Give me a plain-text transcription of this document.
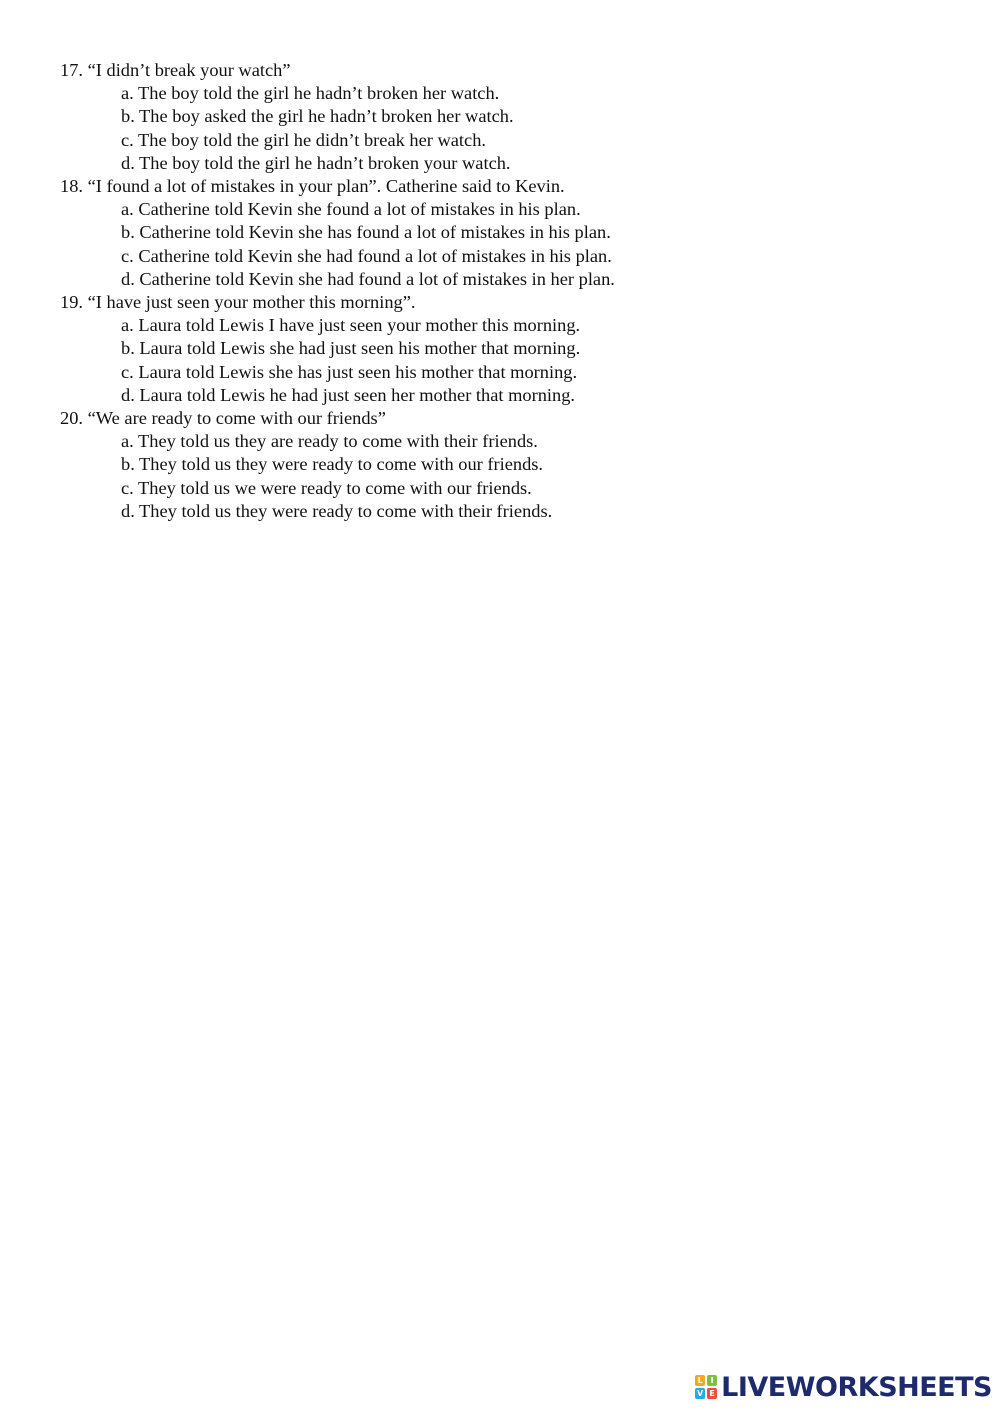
17. “I didn’t break your watch”
a. The boy told the girl he hadn’t broken her watch.
b. The boy asked the girl he hadn’t broken her watch.
c. The boy told the girl he didn’t break her watch.
d. The boy told the girl he hadn’t broken your watch.
18. “I found a lot of mistakes in your plan”. Catherine said to Kevin.
a. Catherine told Kevin she found a lot of mistakes in his plan.
b. Catherine told Kevin she has found a lot of mistakes in his plan.
c. Catherine told Kevin she had found a lot of mistakes in his plan.
d. Catherine told Kevin she had found a lot of mistakes in her plan.
19. “I have just seen your mother this morning”.
a. Laura told Lewis I have just seen your mother this morning.
b. Laura told Lewis she had just seen his mother that morning.
c. Laura told Lewis she has just seen his mother that morning.
d. Laura told Lewis he had just seen her mother that morning.
20. “We are ready to come with our friends”
a. They told us they are ready to come with their friends.
b. They told us they were ready to come with our friends.
c. They told us we were ready to come with our friends.
d. They told us they were ready to come with their friends.
L I
V E LIVEWORKSHEETS
